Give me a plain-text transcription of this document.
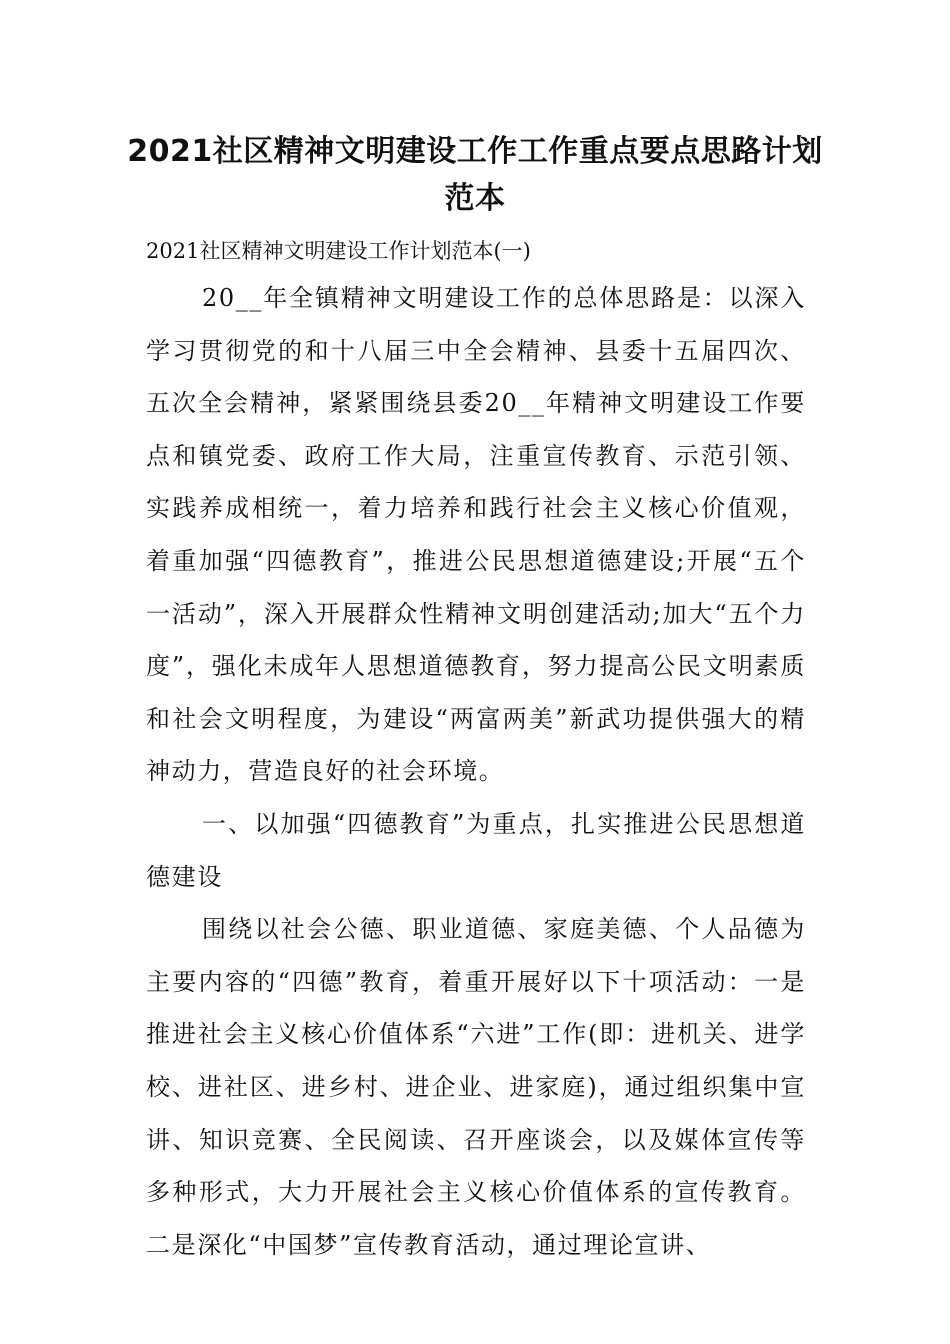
2021社区精神文明建设工作工作重点要点思路计划范本
2021社区精神文明建设工作计划范本(一)

20__年全镇精神文明建设工作的总体思路是：以深入学习贯彻党的和十八届三中全会精神、县委十五届四次、五次全会精神，紧紧围绕县委20__年精神文明建设工作要点和镇党委、政府工作大局，注重宣传教育、示范引领、实践养成相统一，着力培养和践行社会主义核心价值观，着重加强“四德教育”，推进公民思想道德建设;开展“五个一活动”，深入开展群众性精神文明创建活动;加大“五个力度”，强化未成年人思想道德教育，努力提高公民文明素质和社会文明程度，为建设“两富两美”新武功提供强大的精神动力，营造良好的社会环境。

一、以加强“四德教育”为重点，扎实推进公民思想道德建设

围绕以社会公德、职业道德、家庭美德、个人品德为主要内容的“四德”教育，着重开展好以下十项活动：一是推进社会主义核心价值体系“六进”工作(即：进机关、进学校、进社区、进乡村、进企业、进家庭)，通过组织集中宣讲、知识竞赛、全民阅读、召开座谈会，以及媒体宣传等多种形式，大力开展社会主义核心价值体系的宣传教育。二是深化“中国梦”宣传教育活动，通过理论宣讲、
